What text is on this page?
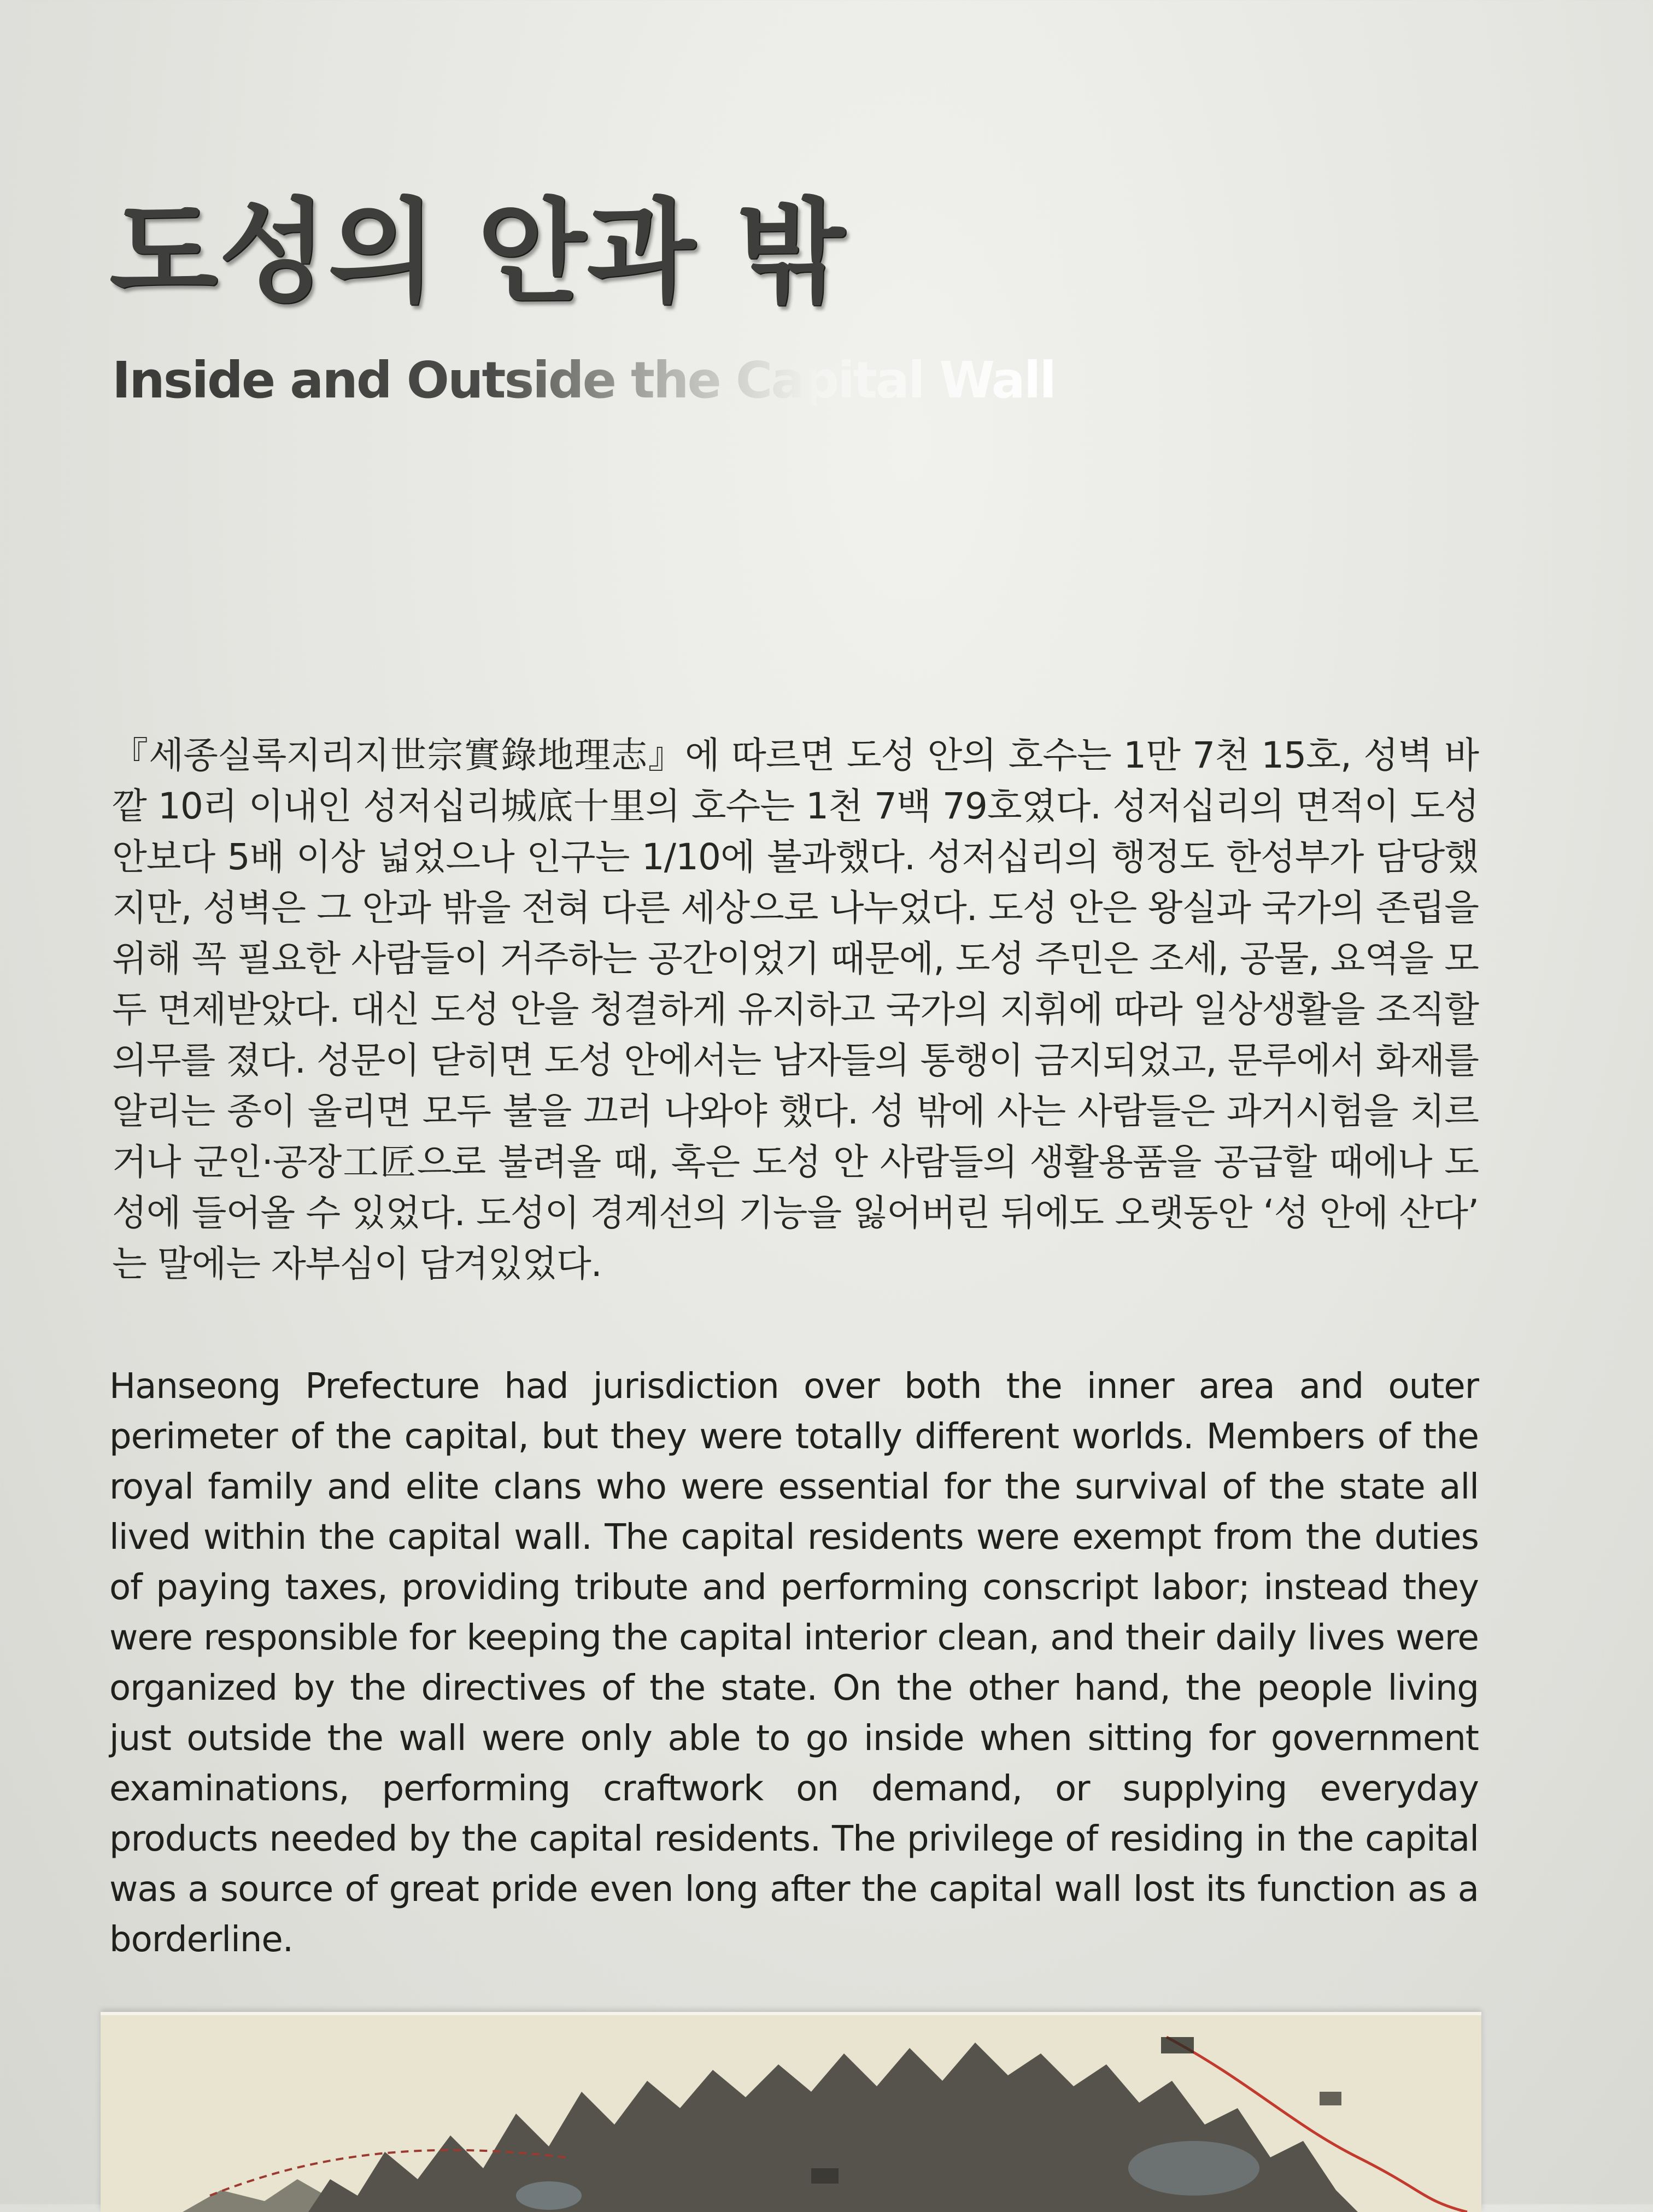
도성의 안과 밖
Inside and Outside the Capital Wall

『세종실록지리지世宗實錄地理志』에 따르면 도성 안의 호수는 1만 7천 15호, 성벽 바깥 10리 이내인 성저십리城底十里의 호수는 1천 7백 79호였다. 성저십리의 면적이 도성 안보다 5배 이상 넓었으나 인구는 1/10에 불과했다. 성저십리의 행정도 한성부가 담당했지만, 성벽은 그 안과 밖을 전혀 다른 세상으로 나누었다. 도성 안은 왕실과 국가의 존립을 위해 꼭 필요한 사람들이 거주하는 공간이었기 때문에, 도성 주민은 조세, 공물, 요역을 모두 면제받았다. 대신 도성 안을 청결하게 유지하고 국가의 지휘에 따라 일상생활을 조직할 의무를 졌다. 성문이 닫히면 도성 안에서는 남자들의 통행이 금지되었고, 문루에서 화재를 알리는 종이 울리면 모두 불을 끄러 나와야 했다. 성 밖에 사는 사람들은 과거시험을 치르거나 군인·공장工匠으로 불려올 때, 혹은 도성 안 사람들의 생활용품을 공급할 때에나 도성에 들어올 수 있었다. 도성이 경계선의 기능을 잃어버린 뒤에도 오랫동안 ‘성 안에 산다’ 는 말에는 자부심이 담겨있었다.

Hanseong Prefecture had jurisdiction over both the inner area and outer perimeter of the capital, but they were totally different worlds. Members of the royal family and elite clans who were essential for the survival of the state all lived within the capital wall. The capital residents were exempt from the duties of paying taxes, providing tribute and performing conscript labor; instead they were responsible for keeping the capital interior clean, and their daily lives were organized by the directives of the state. On the other hand, the people living just outside the wall were only able to go inside when sitting for government examinations, performing craftwork on demand, or supplying everyday products needed by the capital residents. The privilege of residing in the capital was a source of great pride even long after the capital wall lost its function as a borderline.
